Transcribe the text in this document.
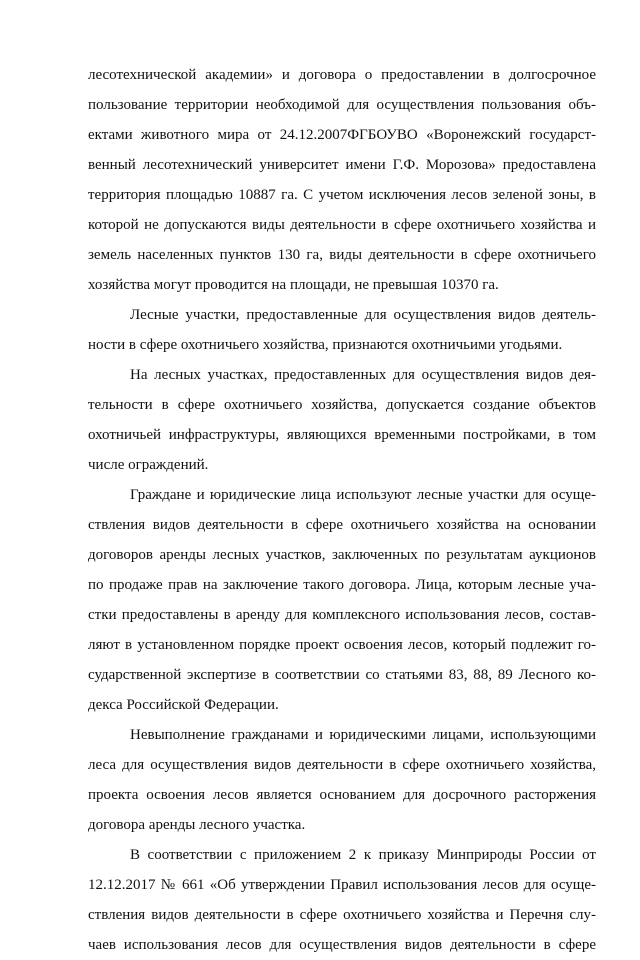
лесотехнической академии» и договора о предоставлении в долгосрочное
пользование территории необходимой для осуществления пользования объ-
ектами животного мира от 24.12.2007ФГБОУВО «Воронежский государст-
венный лесотехнический университет имени Г.Ф. Морозова» предоставлена
территория площадью 10887 га. С учетом исключения лесов зеленой зоны, в
которой не допускаются виды деятельности в сфере охотничьего хозяйства и
земель населенных пунктов 130 га, виды деятельности в сфере охотничьего
хозяйства могут проводится на площади, не превышая 10370 га.
Лесные участки, предоставленные для осуществления видов деятель-
ности в сфере охотничьего хозяйства, признаются охотничьими угодьями.
На лесных участках, предоставленных для осуществления видов дея-
тельности в сфере охотничьего хозяйства, допускается создание объектов
охотничьей инфраструктуры, являющихся временными постройками, в том
числе ограждений.
Граждане и юридические лица используют лесные участки для осуще-
ствления видов деятельности в сфере охотничьего хозяйства на основании
договоров аренды лесных участков, заключенных по результатам аукционов
по продаже прав на заключение такого договора. Лица, которым лесные уча-
стки предоставлены в аренду для комплексного использования лесов, состав-
ляют в установленном порядке проект освоения лесов, который подлежит го-
сударственной экспертизе в соответствии со статьями 83, 88, 89 Лесного ко-
декса Российской Федерации.
Невыполнение гражданами и юридическими лицами, использующими
леса для осуществления видов деятельности в сфере охотничьего хозяйства,
проекта освоения лесов является основанием для досрочного расторжения
договора аренды лесного участка.
В соответствии с приложением 2 к приказу Минприроды России от
12.12.2017 № 661 «Об утверждении Правил использования лесов для осуще-
ствления видов деятельности в сфере охотничьего хозяйства и Перечня слу-
чаев использования лесов для осуществления видов деятельности в сфере
